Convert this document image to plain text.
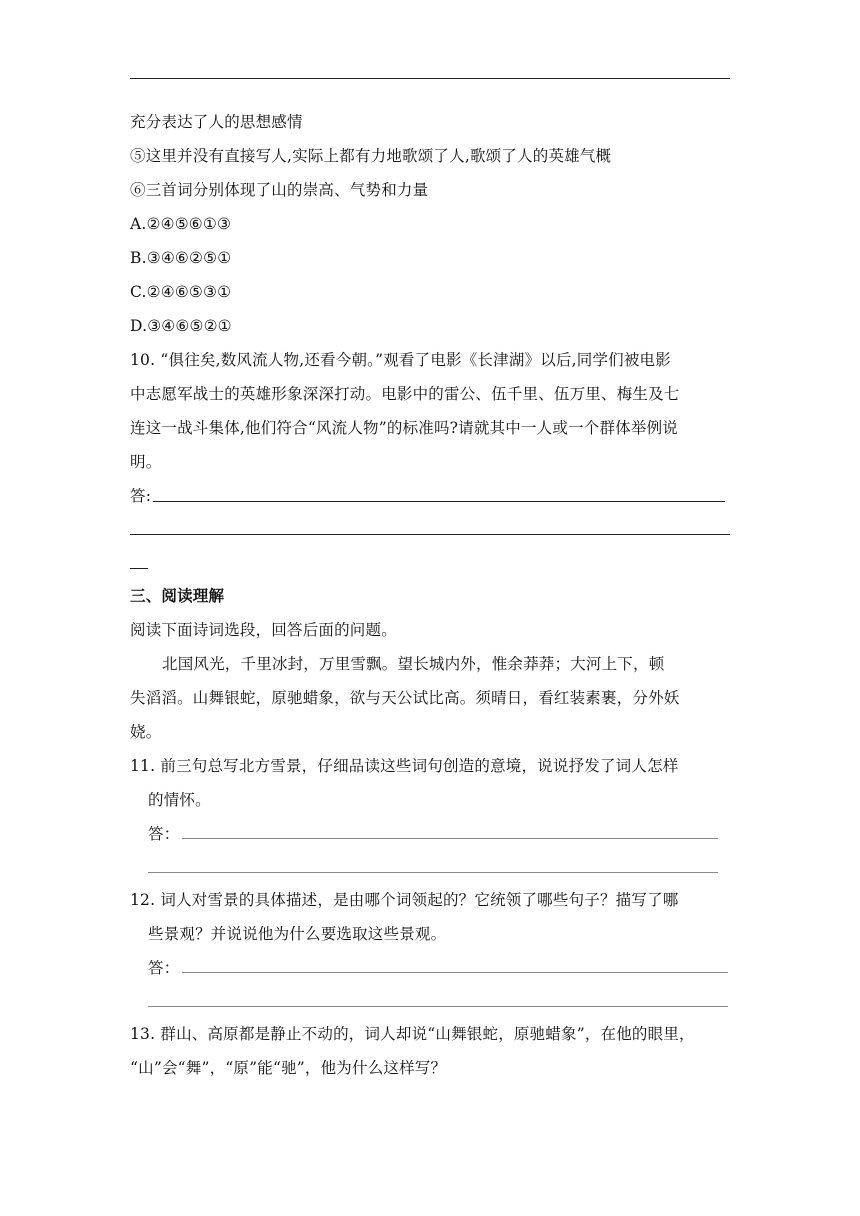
充分表达了人的思想感情
⑤这里并没有直接写人,实际上都有力地歌颂了人,歌颂了人的英雄气概
⑥三首词分别体现了山的崇高、气势和力量
A.②④⑤⑥①③
B.③④⑥②⑤①
C.②④⑥⑤③①
D.③④⑥⑤②①
10. “俱往矣,数风流人物,还看今朝。”观看了电影《长津湖》以后,同学们被电影
中志愿军战士的英雄形象深深打动。电影中的雷公、伍千里、伍万里、梅生及七
连这一战斗集体,他们符合“风流人物”的标准吗?请就其中一人或一个群体举例说
明。
答:
三、阅读理解
阅读下面诗词选段，回答后面的问题。
北国风光，千里冰封，万里雪飘。望长城内外，惟余莽莽；大河上下，顿
失滔滔。山舞银蛇，原驰蜡象，欲与天公试比高。须晴日，看红装素裹，分外妖
娆。
11. 前三句总写北方雪景，仔细品读这些词句创造的意境，说说抒发了词人怎样
的情怀。
答：
12. 词人对雪景的具体描述，是由哪个词领起的？它统领了哪些句子？描写了哪
些景观？并说说他为什么要选取这些景观。
答：
13. 群山、高原都是静止不动的，词人却说“山舞银蛇，原驰蜡象”，在他的眼里，
“山”会“舞”，“原”能“驰”，他为什么这样写？
